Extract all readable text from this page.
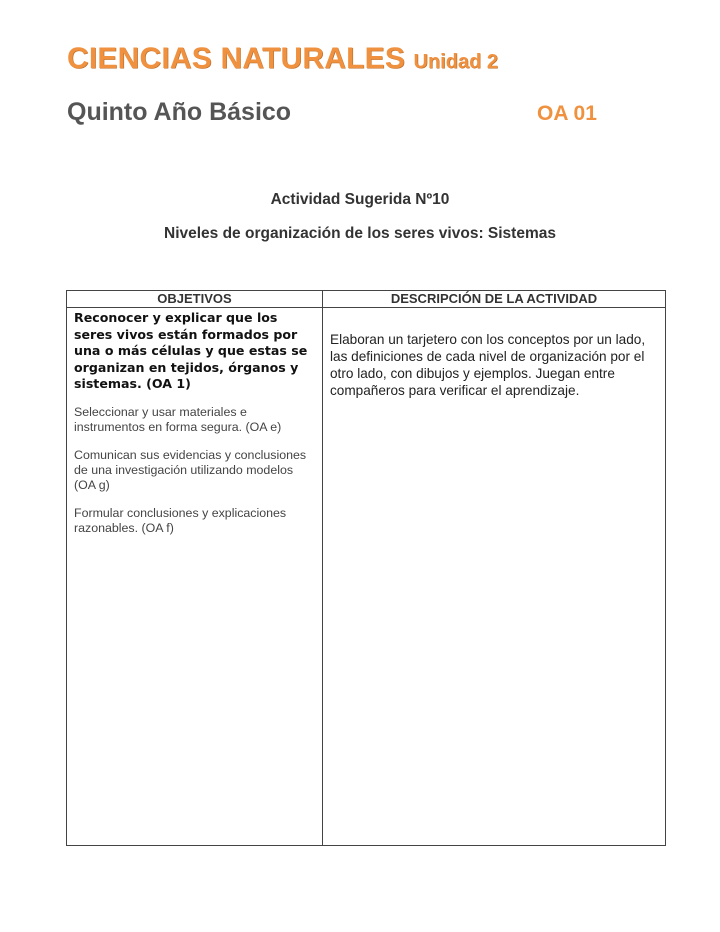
CIENCIAS NATURALES Unidad 2
Quinto Año Básico	OA 01
Actividad Sugerida Nº10
Niveles de organización de los seres vivos: Sistemas
OBJETIVOS	DESCRIPCIÓN DE LA ACTIVIDAD

Reconocer y explicar que los seres vivos están formados por una o más células y que estas se organizan en tejidos, órganos y sistemas. (OA 1)

Seleccionar y usar materiales e instrumentos en forma segura. (OA e)

Comunican sus evidencias y conclusiones de una investigación utilizando modelos (OA g)

Formular conclusiones y explicaciones razonables. (OA f)	Elaboran un tarjetero con los conceptos por un lado, las definiciones de cada nivel de organización por el otro lado, con dibujos y ejemplos. Juegan entre compañeros para verificar el aprendizaje.
